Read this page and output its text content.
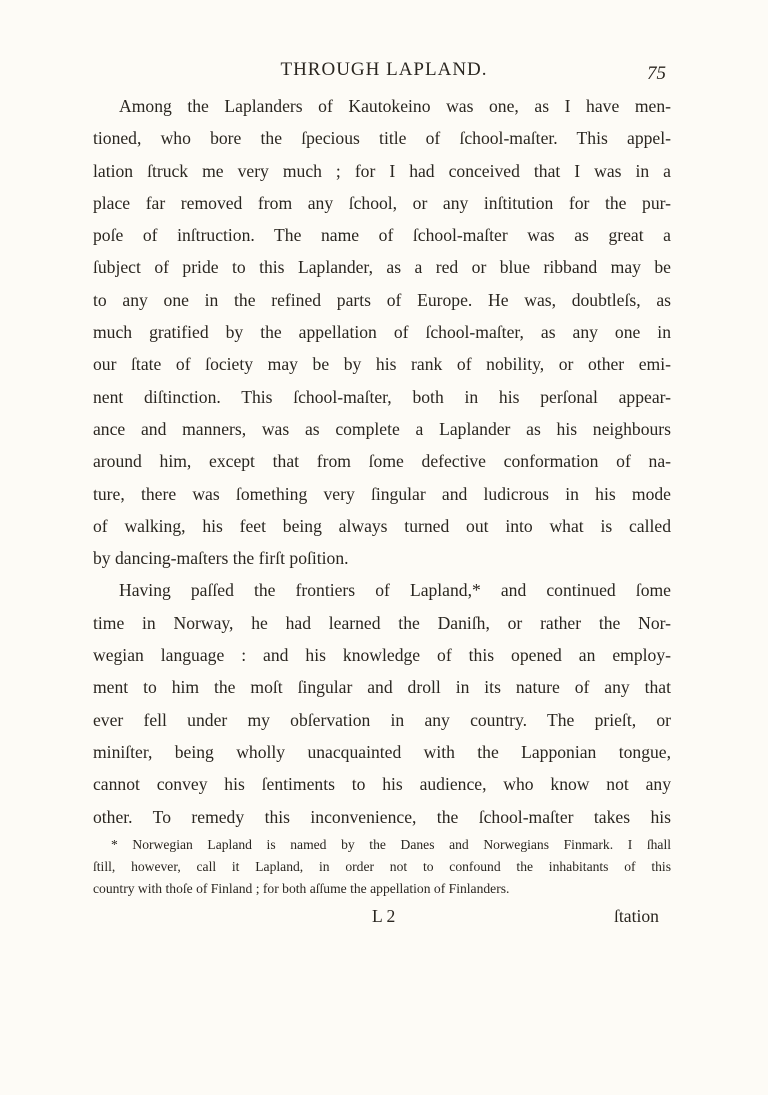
THROUGH LAPLAND.	75
Among the Laplanders of Kautokeino was one, as I have men-
tioned, who bore the ſpecious title of ſchool-maſter. This appel-
lation ſtruck me very much ; for I had conceived that I was in a
place far removed from any ſchool, or any inſtitution for the pur-
poſe of inſtruction. The name of ſchool-maſter was as great a
ſubject of pride to this Laplander, as a red or blue ribband may be
to any one in the refined parts of Europe. He was, doubtleſs, as
much gratified by the appellation of ſchool-maſter, as any one in
our ſtate of ſociety may be by his rank of nobility, or other emi-
nent diſtinction. This ſchool-maſter, both in his perſonal appear-
ance and manners, was as complete a Laplander as his neighbours
around him, except that from ſome defective conformation of na-
ture, there was ſomething very ſingular and ludicrous in his mode
of walking, his feet being always turned out into what is called
by dancing-maſters the firſt poſition.
Having paſſed the frontiers of Lapland,* and continued ſome
time in Norway, he had learned the Daniſh, or rather the Nor-
wegian language : and his knowledge of this opened an employ-
ment to him the moſt ſingular and droll in its nature of any that
ever fell under my obſervation in any country. The prieſt, or
miniſter, being wholly unacquainted with the Lapponian tongue,
cannot convey his ſentiments to his audience, who know not any
other. To remedy this inconvenience, the ſchool-maſter takes his
* Norwegian Lapland is named by the Danes and Norwegians Finmark. I ſhall
ſtill, however, call it Lapland, in order not to confound the inhabitants of this
country with thoſe of Finland ; for both aſſume the appellation of Finlanders.
L 2	ſtation
